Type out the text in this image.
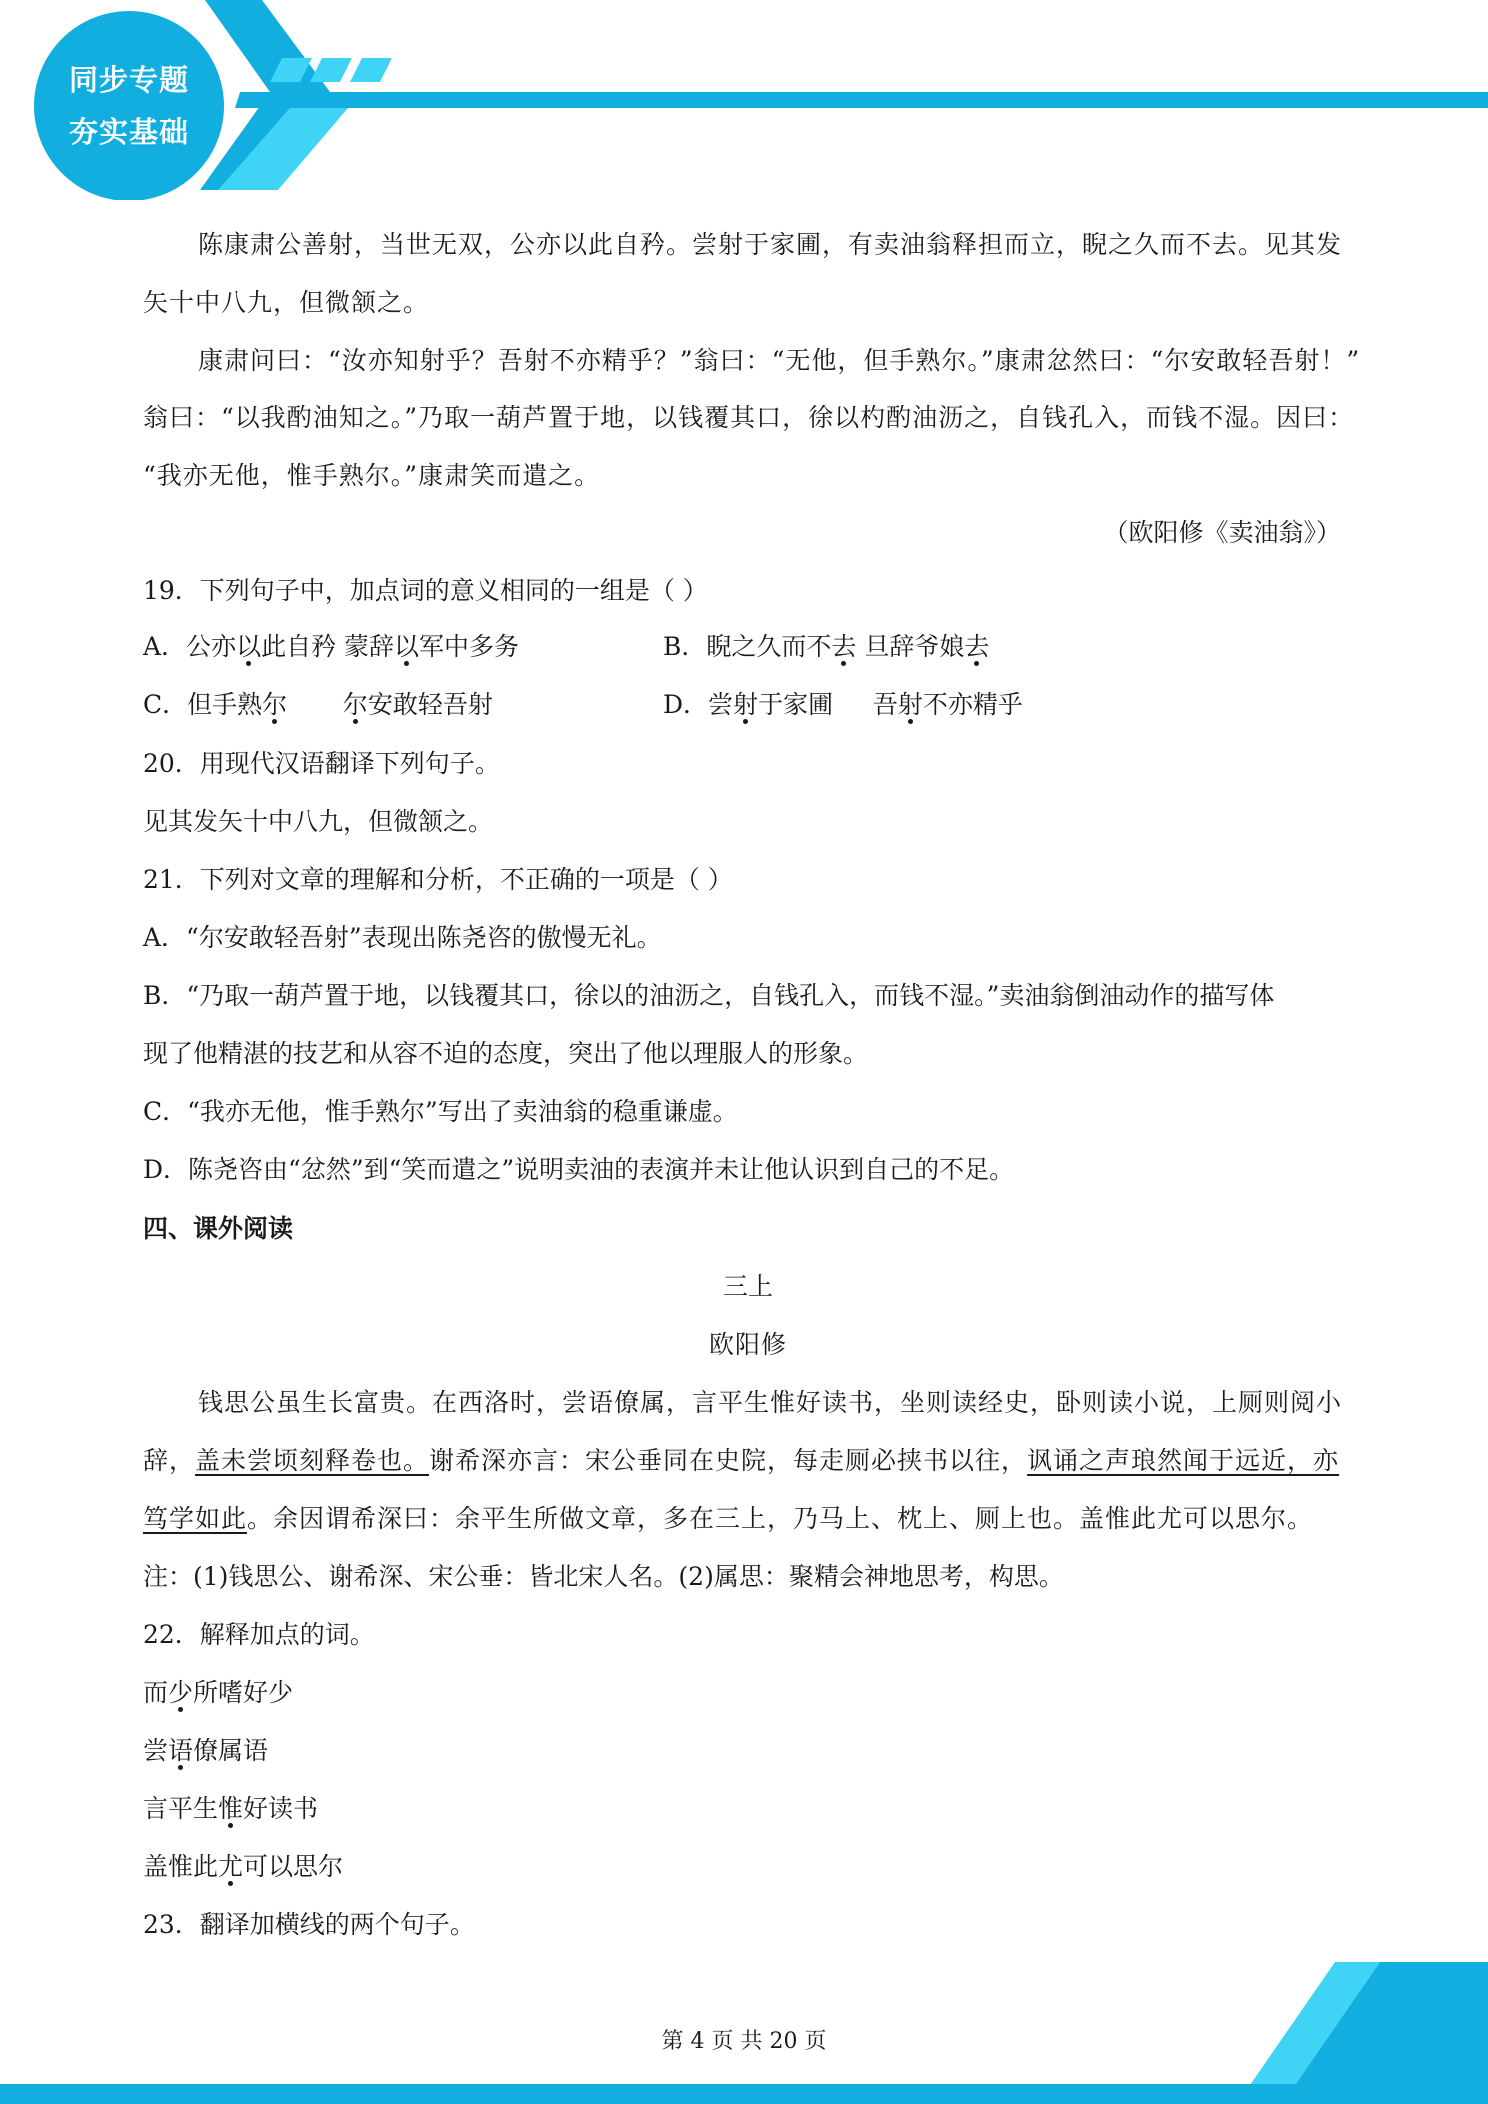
同步专题
夯实基础
陈康肃公善射，当世无双，公亦以此自矜。尝射于家圃，有卖油翁释担而立，睨之久而不去。见其发
矢十中八九，但微颔之。
康肃问曰：“汝亦知射乎？吾射不亦精乎？”翁曰：“无他，但手熟尔。”康肃忿然曰：“尔安敢轻吾射！”
翁曰：“以我酌油知之。”乃取一葫芦置于地，以钱覆其口，徐以杓酌油沥之，自钱孔入，而钱不湿。因曰：
“我亦无他，惟手熟尔。”康肃笑而遣之。
（欧阳修《卖油翁》）
19．下列句子中，加点词的意义相同的一组是（ ）
A．公亦以此自矜 蒙辞以军中多务	B．睨之久而不去 旦辞爷娘去
C．但手熟尔 尔安敢轻吾射	D．尝射于家圃     吾射不亦精乎
20．用现代汉语翻译下列句子。
见其发矢十中八九，但微颔之。
21．下列对文章的理解和分析，不正确的一项是（ ）
A．“尔安敢轻吾射”表现出陈尧咨的傲慢无礼。
B．“乃取一葫芦置于地，以钱覆其口，徐以的油沥之，自钱孔入，而钱不湿。”卖油翁倒油动作的描写体
现了他精湛的技艺和从容不迫的态度，突出了他以理服人的形象。
C．“我亦无他，惟手熟尔”写出了卖油翁的稳重谦虚。
D．陈尧咨由“忿然”到“笑而遣之”说明卖油的表演并未让他认识到自己的不足。
四、课外阅读
三上
欧阳修
钱思公虽生长富贵。在西洛时，尝语僚属，言平生惟好读书，坐则读经史，卧则读小说，上厕则阅小
辞，盖未尝顷刻释卷也。谢希深亦言：宋公垂同在史院，每走厕必挟书以往，讽诵之声琅然闻于远近，亦
笃学如此。余因谓希深曰：余平生所做文章，多在三上，乃马上、枕上、厕上也。盖惟此尤可以思尔。
注：(1)钱思公、谢希深、宋公垂：皆北宋人名。(2)属思：聚精会神地思考，构思。
22．解释加点的词。
而少所嗜好少
尝语僚属语
言平生惟好读书
盖惟此尤可以思尔
23．翻译加横线的两个句子。
第 4 页 共 20 页
